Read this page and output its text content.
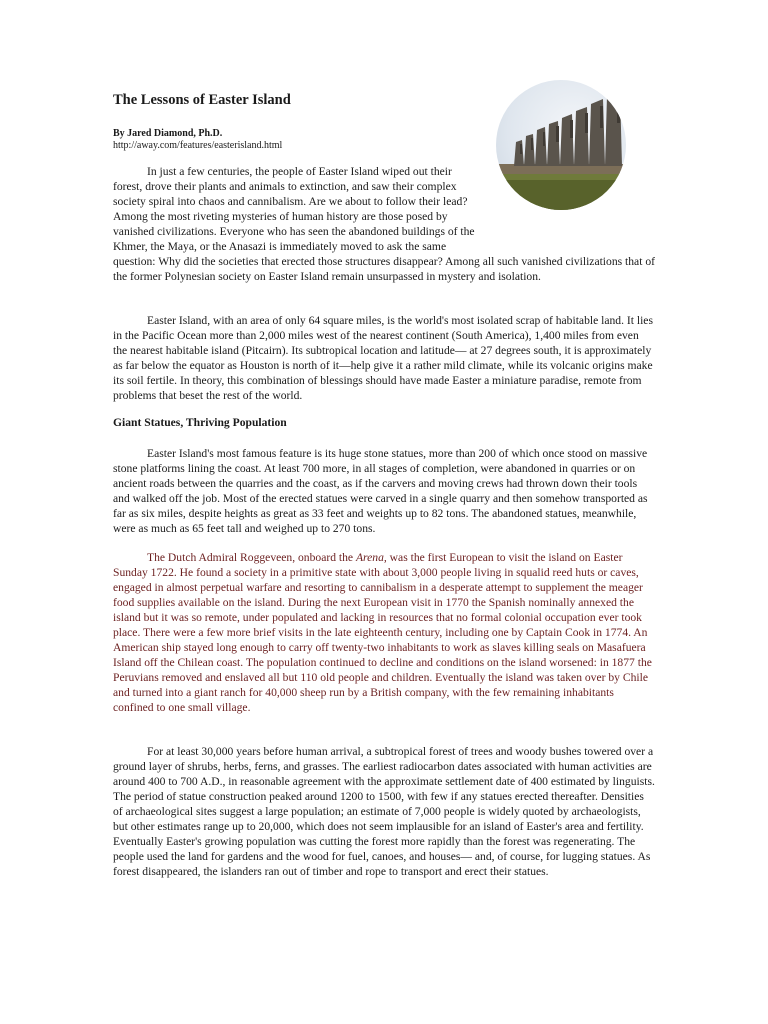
The Lessons of Easter Island
By Jared Diamond, Ph.D.
http://away.com/features/easterisland.html

In just a few centuries, the people of Easter Island wiped out their forest, drove their plants and animals to extinction, and saw their complex society spiral into chaos and cannibalism. Are we about to follow their lead? Among the most riveting mysteries of human history are those posed by vanished civilizations. Everyone who has seen the abandoned buildings of the Khmer, the Maya, or the Anasazi is immediately moved to ask the same question: Why did the societies that erected those structures disappear? Among all such vanished civilizations that of the former Polynesian society on Easter Island remain unsurpassed in mystery and isolation.

Easter Island, with an area of only 64 square miles, is the world's most isolated scrap of habitable land. It lies in the Pacific Ocean more than 2,000 miles west of the nearest continent (South America), 1,400 miles from even the nearest habitable island (Pitcairn). Its subtropical location and latitude— at 27 degrees south, it is approximately as far below the equator as Houston is north of it—help give it a rather mild climate, while its volcanic origins make its soil fertile. In theory, this combination of blessings should have made Easter a miniature paradise, remote from problems that beset the rest of the world.

Giant Statues, Thriving Population

Easter Island's most famous feature is its huge stone statues, more than 200 of which once stood on massive stone platforms lining the coast. At least 700 more, in all stages of completion, were abandoned in quarries or on ancient roads between the quarries and the coast, as if the carvers and moving crews had thrown down their tools and walked off the job. Most of the erected statues were carved in a single quarry and then somehow transported as far as six miles, despite heights as great as 33 feet and weights up to 82 tons. The abandoned statues, meanwhile, were as much as 65 feet tall and weighed up to 270 tons.

The Dutch Admiral Roggeveen, onboard the Arena, was the first European to visit the island on Easter Sunday 1722. He found a society in a primitive state with about 3,000 people living in squalid reed huts or caves, engaged in almost perpetual warfare and resorting to cannibalism in a desperate attempt to supplement the meager food supplies available on the island. During the next European visit in 1770 the Spanish nominally annexed the island but it was so remote, under populated and lacking in resources that no formal colonial occupation ever took place. There were a few more brief visits in the late eighteenth century, including one by Captain Cook in 1774. An American ship stayed long enough to carry off twenty-two inhabitants to work as slaves killing seals on Masafuera Island off the Chilean coast. The population continued to decline and conditions on the island worsened: in 1877 the Peruvians removed and enslaved all but 110 old people and children. Eventually the island was taken over by Chile and turned into a giant ranch for 40,000 sheep run by a British company, with the few remaining inhabitants confined to one small village.

For at least 30,000 years before human arrival, a subtropical forest of trees and woody bushes towered over a ground layer of shrubs, herbs, ferns, and grasses. The earliest radiocarbon dates associated with human activities are around 400 to 700 A.D., in reasonable agreement with the approximate settlement date of 400 estimated by linguists. The period of statue construction peaked around 1200 to 1500, with few if any statues erected thereafter. Densities of archaeological sites suggest a large population; an estimate of 7,000 people is widely quoted by archaeologists, but other estimates range up to 20,000, which does not seem implausible for an island of Easter's area and fertility. Eventually Easter's growing population was cutting the forest more rapidly than the forest was regenerating. The people used the land for gardens and the wood for fuel, canoes, and houses— and, of course, for lugging statues. As forest disappeared, the islanders ran out of timber and rope to transport and erect their statues.
